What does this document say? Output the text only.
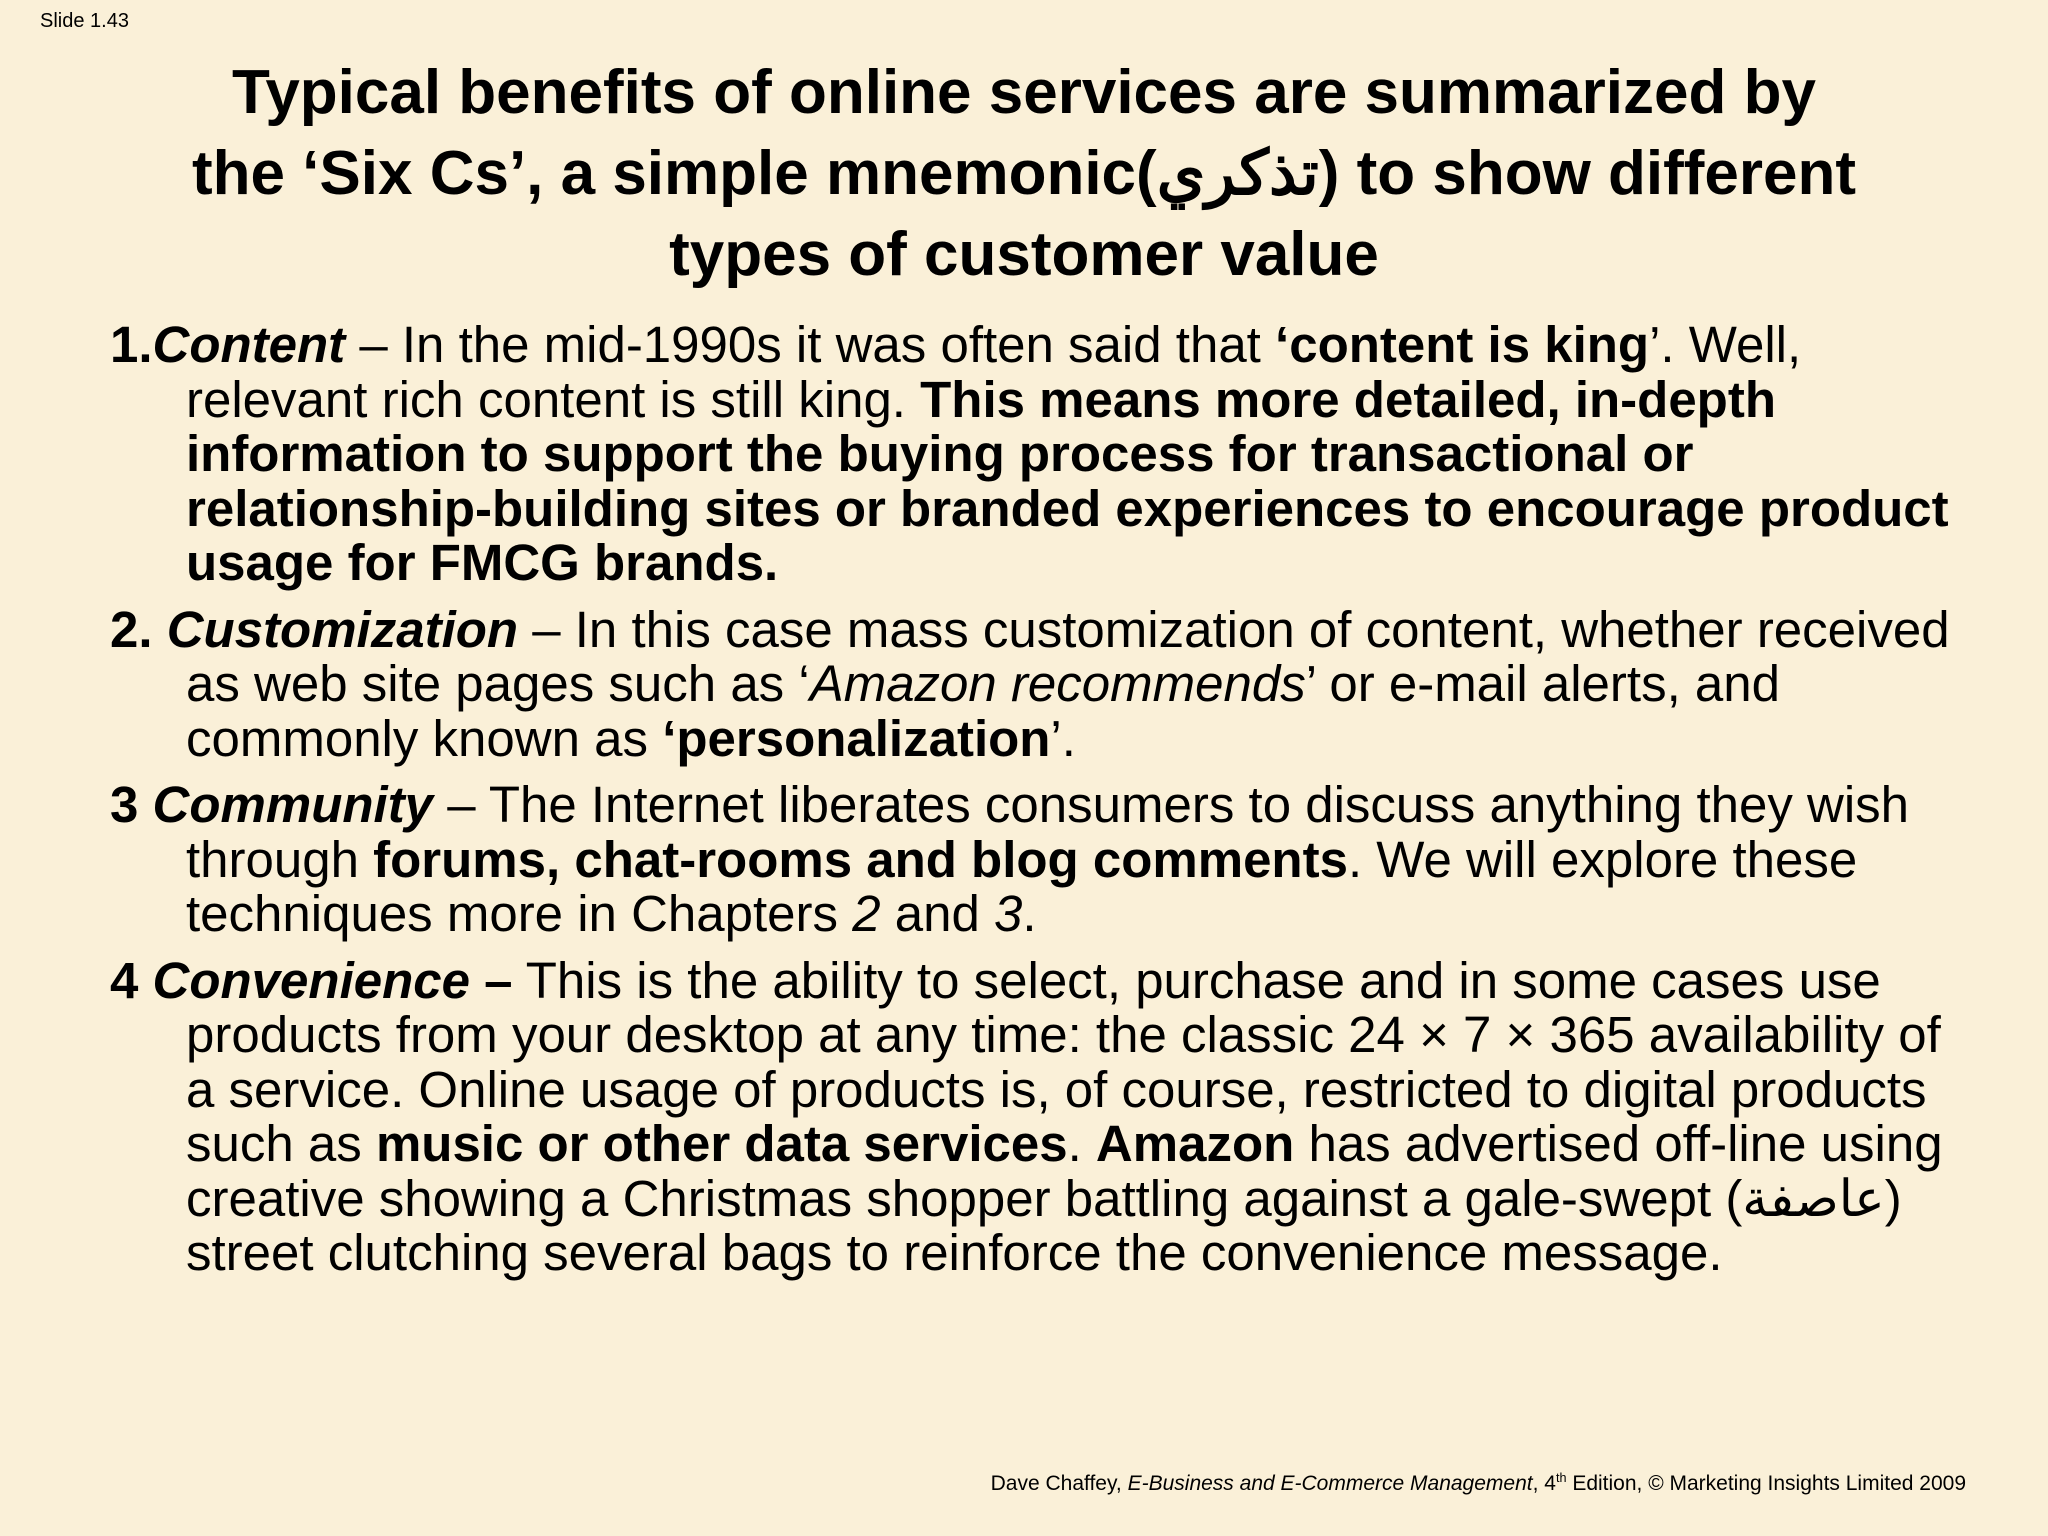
Slide 1.43
Typical benefits of online services are summarized by
the ‘Six Cs’, a simple mnemonic(تذكري) to show different
types of customer value

1.Content – In the mid-1990s it was often said that ‘content is king’. Well, relevant rich content is still king. This means more detailed, in-depth information to support the buying process for transactional or relationship-building sites or branded experiences to encourage product usage for FMCG brands.

2. Customization – In this case mass customization of content, whether received as web site pages such as ‘Amazon recommends’ or e-mail alerts, and commonly known as ‘personalization’.

3 Community – The Internet liberates consumers to discuss anything they wish through forums, chat-rooms and blog comments. We will explore these techniques more in Chapters 2 and 3.

4 Convenience – This is the ability to select, purchase and in some cases use products from your desktop at any time: the classic 24 × 7 × 365 availability of a service. Online usage of products is, of course, restricted to digital products such as music or other data services. Amazon has advertised off-line using creative showing a Christmas shopper battling against a gale-swept (عاصفة) street clutching several bags to reinforce the convenience message.

Dave Chaffey, E-Business and E-Commerce Management, 4th Edition, © Marketing Insights Limited 2009
